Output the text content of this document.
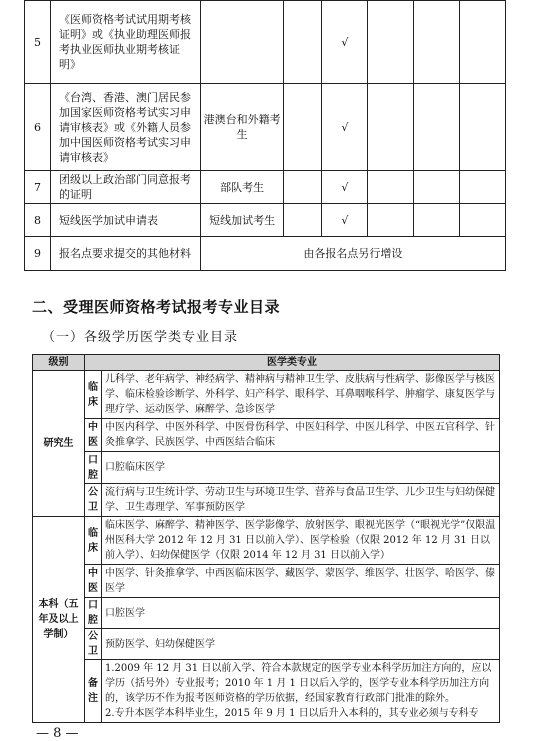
5	《医师资格考试试用期考核证明》或《执业助理医师报考执业医师执业期考核证明》			√			
6	《台湾、香港、澳门居民参加国家医师资格考试实习申请审核表》或《外籍人员参加中国医师资格考试实习申请审核表》	港澳台和外籍考生		√			
7	团级以上政治部门同意报考的证明	部队考生		√			
8	短线医学加试申请表	短线加试考生		√			
9	报名点要求提交的其他材料	由各报名点另行增设					
二、受理医师资格考试报考专业目录
（一）各级学历医学类专业目录
级别	医学类专业	
研究生	临床	儿科学、老年病学、神经病学、精神病与精神卫生学、皮肤病与性病学、影像医学与核医学、临床检验诊断学、外科学、妇产科学、眼科学、耳鼻咽喉科学、肿瘤学、康复医学与理疗学、运动医学、麻醉学、急诊医学
	中医	中医内科学、中医外科学、中医骨伤科学、中医妇科学、中医儿科学、中医五官科学、针灸推拿学、民族医学、中西医结合临床
	口腔	口腔临床医学
	公卫	流行病与卫生统计学、劳动卫生与环境卫生学、营养与食品卫生学、儿少卫生与妇幼保健学、卫生毒理学、军事预防医学
本科（五年及以上学制）	临床	临床医学、麻醉学、精神医学、医学影像学、放射医学、眼视光医学（“眼视光学”仅限温州医科大学 2012 年 12 月 31 日以前入学）、医学检验（仅限 2012 年 12 月 31 日以前入学）、妇幼保健医学（仅限 2014 年 12 月 31 日以前入学）
	中医	中医学、针灸推拿学、中西医临床医学、藏医学、蒙医学、维医学、壮医学、哈医学、傣医学
	口腔	口腔医学
	公卫	预防医学、妇幼保健医学
	备注	1.2009 年 12 月 31 日以前入学、符合本款规定的医学专业本科学历加注方向的，应以学历（括号外）专业报考；2010 年 1 月 1 日以后入学的，医学专业本科学历加注方向的，该学历不作为报考医师资格的学历依据，经国家教育行政部门批准的除外。
2.专升本医学本科毕业生，2015 年 9 月 1 日以后升入本科的，其专业必须与专科专
— 8 —
